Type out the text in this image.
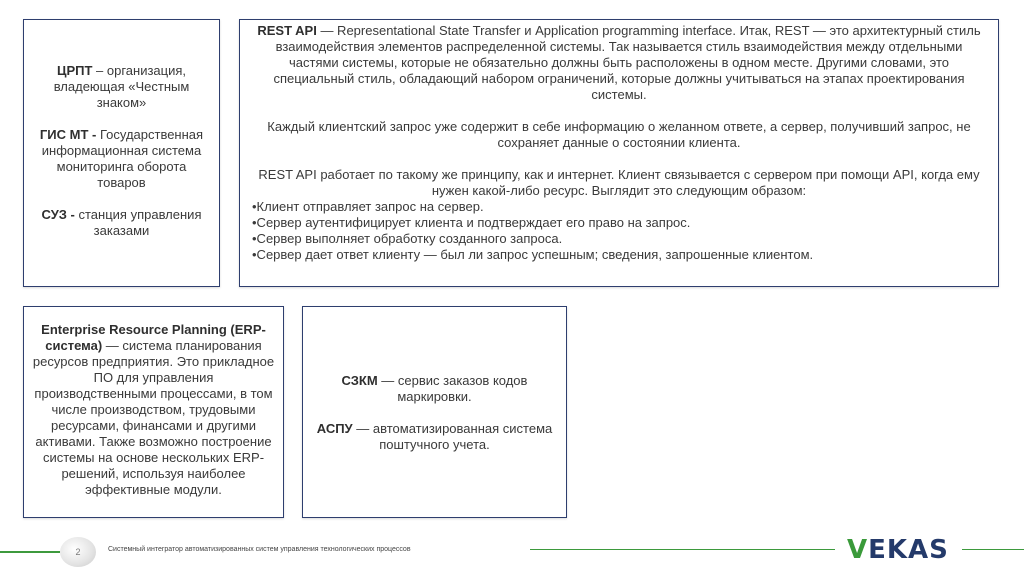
ЦРПТ – организация, владеющая «Честным знаком»

ГИС МТ - Государственная информационная система мониторинга оборота товаров

СУЗ - станция управления заказами

REST API — Representational State Transfer и Application programming interface. Итак, REST — это архитектурный стиль взаимодействия элементов распределенной системы. Так называется стиль взаимодействия между отдельными частями системы, которые не обязательно должны быть расположены в одном месте. Другими словами, это специальный стиль, обладающий набором ограничений, которые должны учитываться на этапах проектирования системы.

Каждый клиентский запрос уже содержит в себе информацию о желанном ответе, а сервер, получивший запрос, не сохраняет данные о состоянии клиента.

REST API работает по такому же принципу, как и интернет. Клиент связывается с сервером при помощи API, когда ему нужен какой-либо ресурс. Выглядит это следующим образом:

•Клиент отправляет запрос на сервер.

•Сервер аутентифицирует клиента и подтверждает его право на запрос.

•Сервер выполняет обработку созданного запроса.

•Сервер дает ответ клиенту — был ли запрос успешным; сведения, запрошенные клиентом.

Enterprise Resource Planning (ERP-система) — система планирования ресурсов предприятия. Это прикладное ПО для управления производственными процессами, в том числе производством, трудовыми ресурсами, финансами и другими активами. Также возможно построение системы на основе нескольких ERP-решений, используя наиболее эффективные модули.

СЗКМ — сервис заказов кодов маркировки.

АСПУ — автоматизированная система поштучного учета.

2	Системный интегратор автоматизированных систем управления технологических процессов	VEKAS
